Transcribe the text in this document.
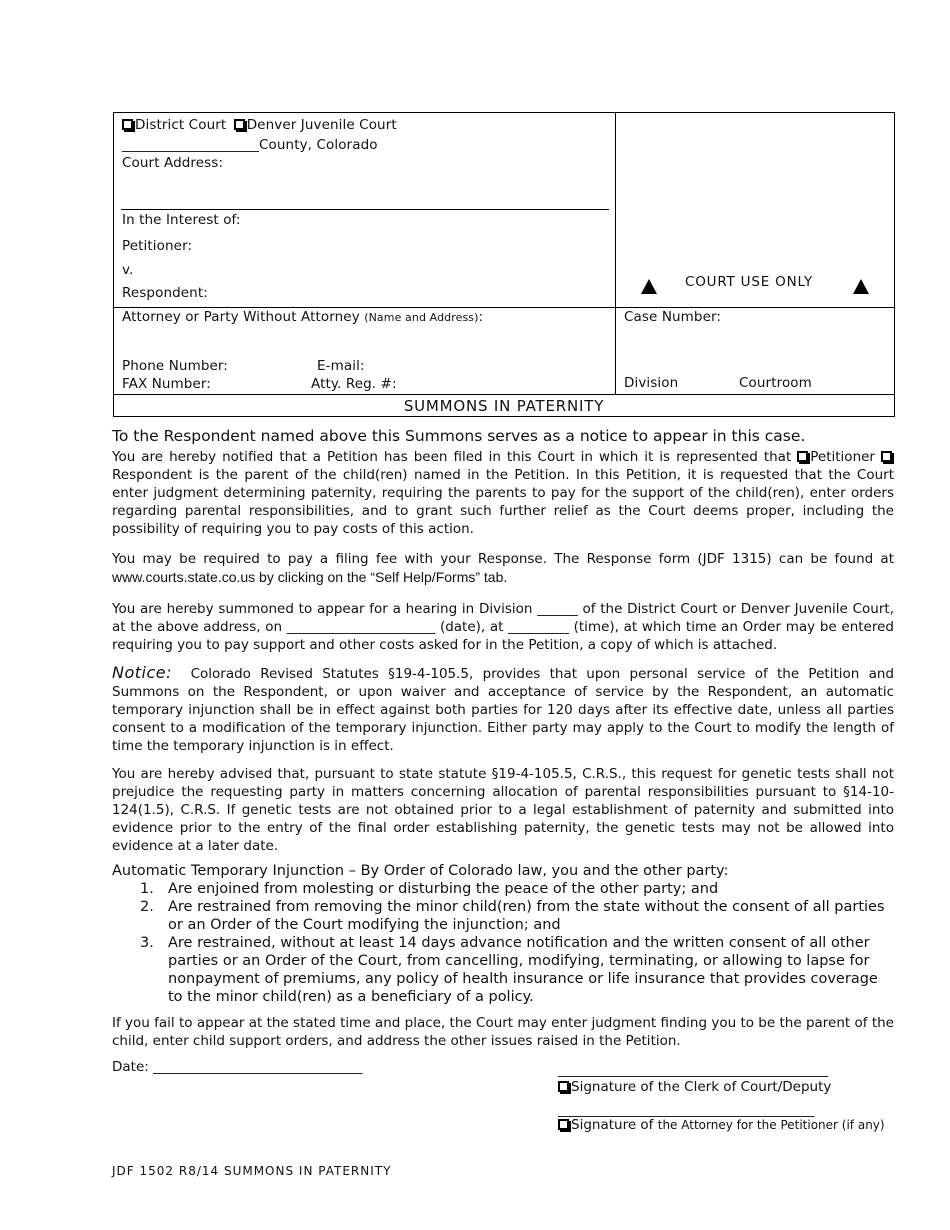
District Court Denver Juvenile Court
____________________County, Colorado
Court Address:
In the Interest of:
Petitioner:
v.
Respondent:
COURT USE ONLY
Attorney or Party Without Attorney (Name and Address):
Phone Number:	E-mail:
FAX Number:	Atty. Reg. #:
Case Number:
Division	Courtroom
SUMMONS IN PATERNITY

To the Respondent named above this Summons serves as a notice to appear in this case.

You are hereby notified that a Petition has been filed in this Court in which it is represented that Petitioner Respondent is the parent of the child(ren) named in the Petition. In this Petition, it is requested that the Court enter judgment determining paternity, requiring the parents to pay for the support of the child(ren), enter orders regarding parental responsibilities, and to grant such further relief as the Court deems proper, including the possibility of requiring you to pay costs of this action.

You may be required to pay a filing fee with your Response. The Response form (JDF 1315) can be found at www.courts.state.co.us by clicking on the “Self Help/Forms” tab.

You are hereby summoned to appear for a hearing in Division ______ of the District Court or Denver Juvenile Court, at the above address, on ______________________ (date), at _________ (time), at which time an Order may be entered requiring you to pay support and other costs asked for in the Petition, a copy of which is attached.

Notice: Colorado Revised Statutes §19-4-105.5, provides that upon personal service of the Petition and Summons on the Respondent, or upon waiver and acceptance of service by the Respondent, an automatic temporary injunction shall be in effect against both parties for 120 days after its effective date, unless all parties consent to a modification of the temporary injunction. Either party may apply to the Court to modify the length of time the temporary injunction is in effect.

You are hereby advised that, pursuant to state statute §19-4-105.5, C.R.S., this request for genetic tests shall not prejudice the requesting party in matters concerning allocation of parental responsibilities pursuant to §14-10-124(1.5), C.R.S. If genetic tests are not obtained prior to a legal establishment of paternity and submitted into evidence prior to the entry of the final order establishing paternity, the genetic tests may not be allowed into evidence at a later date.

Automatic Temporary Injunction – By Order of Colorado law, you and the other party:

1. Are enjoined from molesting or disturbing the peace of the other party; and
2. Are restrained from removing the minor child(ren) from the state without the consent of all parties or an Order of the Court modifying the injunction; and
3. Are restrained, without at least 14 days advance notification and the written consent of all other parties or an Order of the Court, from cancelling, modifying, terminating, or allowing to lapse for nonpayment of premiums, any policy of health insurance or life insurance that provides coverage to the minor child(ren) as a beneficiary of a policy.

If you fail to appear at the stated time and place, the Court may enter judgment finding you to be the parent of the child, enter child support orders, and address the other issues raised in the Petition.

Date: _______________________________	________________________________________
Signature of the Clerk of Court/Deputy
______________________________________
Signature of the Attorney for the Petitioner (if any)
JDF 1502 R8/14 SUMMONS IN PATERNITY
